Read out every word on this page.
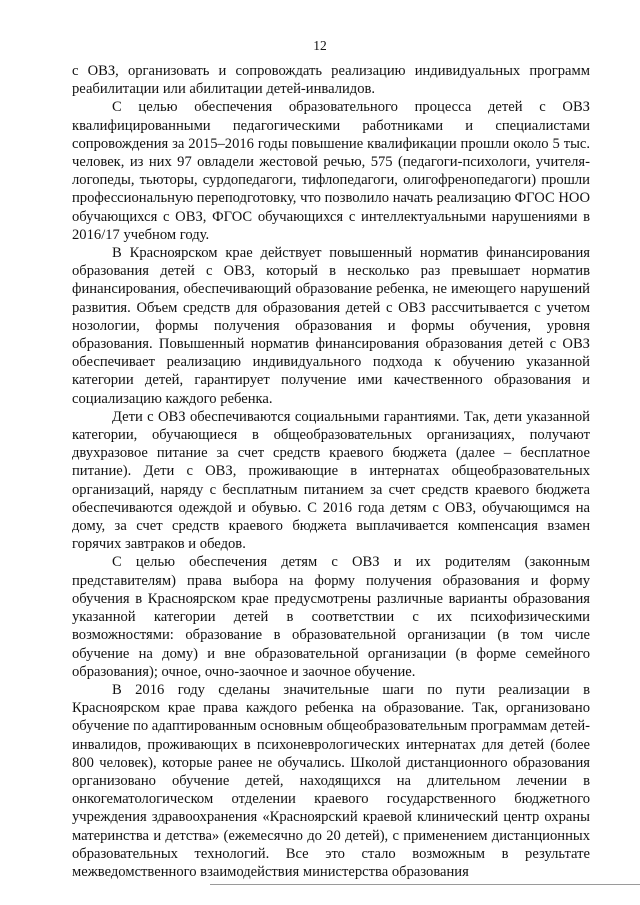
12

с ОВЗ, организовать и сопровождать реализацию индивидуальных программ реабилитации или абилитации детей-инвалидов.

С целью обеспечения образовательного процесса детей с ОВЗ квалифицированными педагогическими работниками и специалистами сопровождения за 2015–2016 годы повышение квалификации прошли около 5 тыс. человек, из них 97 овладели жестовой речью, 575 (педагоги-психологи, учителя-логопеды, тьюторы, сурдопедагоги, тифлопедагоги, олигофренопедагоги) прошли профессиональную переподготовку, что позволило начать реализацию ФГОС НОО обучающихся с ОВЗ, ФГОС обучающихся с интеллектуальными нарушениями в 2016/17 учебном году.

В Красноярском крае действует повышенный норматив финансирования образования детей с ОВЗ, который в несколько раз превышает норматив финансирования, обеспечивающий образование ребенка, не имеющего нарушений развития. Объем средств для образования детей с ОВЗ рассчитывается с учетом нозологии, формы получения образования и формы обучения, уровня образования. Повышенный норматив финансирования образования детей с ОВЗ обеспечивает реализацию индивидуального подхода к обучению указанной категории детей, гарантирует получение ими качественного образования и социализацию каждого ребенка.

Дети с ОВЗ обеспечиваются социальными гарантиями. Так, дети указанной категории, обучающиеся в общеобразовательных организациях, получают двухразовое питание за счет средств краевого бюджета (далее – бесплатное питание). Дети с ОВЗ, проживающие в интернатах общеобразовательных организаций, наряду с бесплатным питанием за счет средств краевого бюджета обеспечиваются одеждой и обувью. С 2016 года детям с ОВЗ, обучающимся на дому, за счет средств краевого бюджета выплачивается компенсация взамен горячих завтраков и обедов.

С целью обеспечения детям с ОВЗ и их родителям (законным представителям) права выбора на форму получения образования и форму обучения в Красноярском крае предусмотрены различные варианты образования указанной категории детей в соответствии с их психофизическими возможностями: образование в образовательной организации (в том числе обучение на дому) и вне образовательной организации (в форме семейного образования); очное, очно-заочное и заочное обучение.

В 2016 году сделаны значительные шаги по пути реализации в Красноярском крае права каждого ребенка на образование. Так, организовано обучение по адаптированным основным общеобразовательным программам детей-инвалидов, проживающих в психоневрологических интернатах для детей (более 800 человек), которые ранее не обучались. Школой дистанционного образования организовано обучение детей, находящихся на длительном лечении в онкогематологическом отделении краевого государственного бюджетного учреждения здравоохранения «Красноярский краевой клинический центр охраны материнства и детства» (ежемесячно до 20 детей), с применением дистанционных образовательных технологий. Все это стало возможным в результате межведомственного взаимодействия министерства образования
